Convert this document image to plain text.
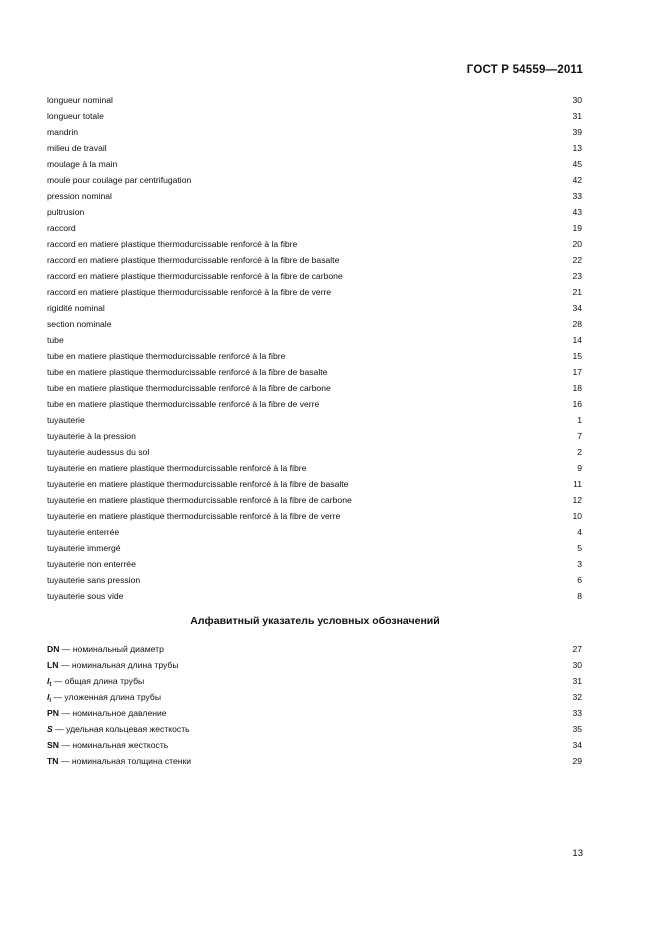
ГОСТ Р 54559—2011
longueur nominal	30
longueur totale	31
mandrin	39
milieu de travail	13
moulage à la main	45
moule pour coulage par centrifugation	42
pression nominal	33
pultrusion	43
raccord	19
raccord en matiere plastique thermodurcissable renforcé à la fibre	20
raccord en matiere plastique thermodurcissable renforcé à la fibre de basalte	22
raccord en matiere plastique thermodurcissable renforcé à la fibre de carbone	23
raccord en matiere plastique thermodurcissable renforcé à la fibre de verre	21
rigidité nominal	34
section nominale	28
tube	14
tube en matiere plastique thermodurcissable renforcé à la fibre	15
tube en matiere plastique thermodurcissable renforcé à la fibre de basalte	17
tube en matiere plastique thermodurcissable renforcé à la fibre de carbone	18
tube en matiere plastique thermodurcissable renforcé à la fibre de verre	16
tuyauterie	1
tuyauterie à la pression	7
tuyauterie audessus du sol	2
tuyauterie en matiere plastique thermodurcissable renforcé à la fibre	9
tuyauterie en matiere plastique thermodurcissable renforcé à la fibre de basalte	11
tuyauterie en matiere plastique thermodurcissable renforcé à la fibre de carbone	12
tuyauterie en matiere plastique thermodurcissable renforcé à la fibre de verre	10
tuyauterie enterrée	4
tuyauterie immergé	5
tuyauterie non enterrée	3
tuyauterie sans pression	6
tuyauterie sous vide	8
Алфавитный указатель условных обозначений
DN — номинальный диаметр	27
LN — номинальная длина трубы	30
$l_t$ — общая длина трубы	31
$l_l$ — уложенная длина трубы	32
PN — номинальное давление	33
S — удельная кольцевая жесткость	35
SN — номинальная жесткость	34
TN — номинальная толщина стенки	29
13
